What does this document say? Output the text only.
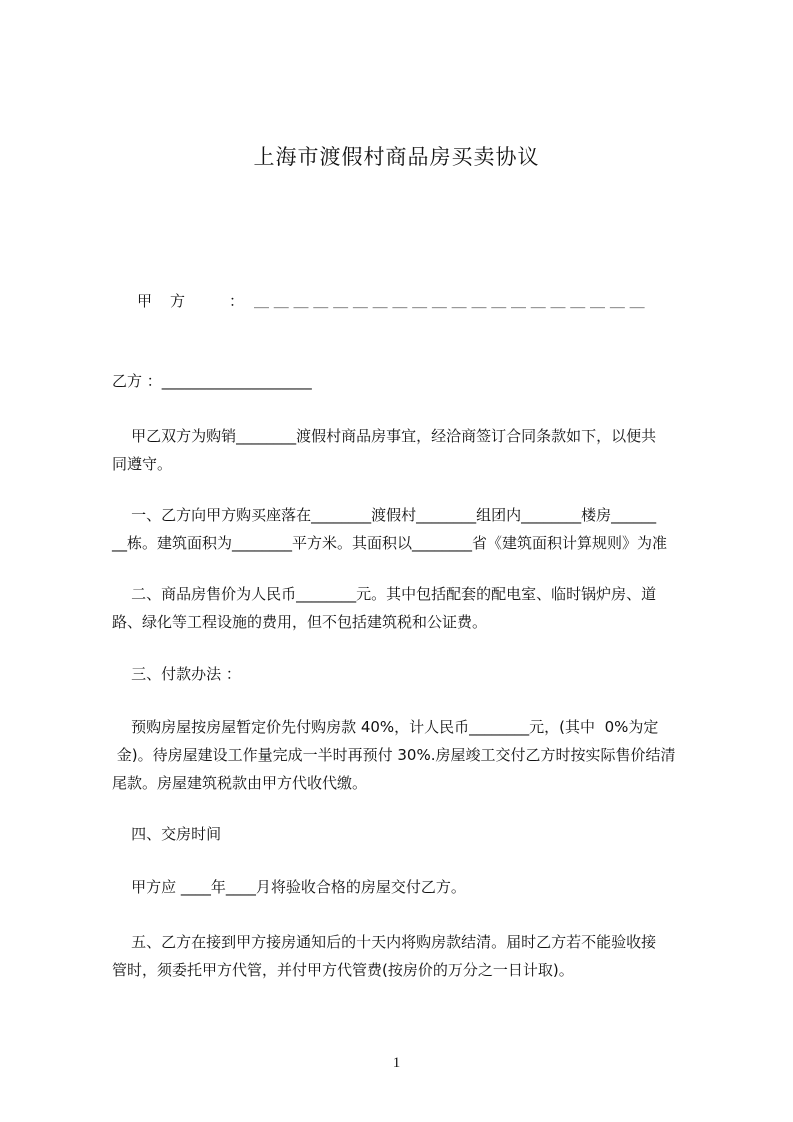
上海市渡假村商品房买卖协议
甲方 ： ＿ ＿ ＿ ＿ ＿ ＿ ＿ ＿ ＿ ＿ ＿ ＿ ＿ ＿ ＿ ＿ ＿ ＿ ＿ ＿
乙方 ：____________________
甲乙双方为购销________渡假村商品房事宜，经洽商签订合同条款如下，以便共
同遵守。
一、乙方向甲方购买座落在________渡假村________组团内________楼房______
__栋。建筑面积为________平方米。其面积以________省《建筑面积计算规则》为准
二、商品房售价为人民币________元。其中包括配套的配电室、临时锅炉房、道
路、绿化等工程设施的费用，但不包括建筑税和公证费。
三、付款办法 ：
预购房屋按房屋暂定价先付购房款 40%，计人民币________元，(其中  0%为定
金)。待房屋建设工作量完成一半时再预付 30%.房屋竣工交付乙方时按实际售价结清
尾款。房屋建筑税款由甲方代收代缴。
四、交房时间
甲方应 ____年____月将验收合格的房屋交付乙方。
五、乙方在接到甲方接房通知后的十天内将购房款结清。届时乙方若不能验收接
管时，须委托甲方代管，并付甲方代管费(按房价的万分之一日计取)。
1
